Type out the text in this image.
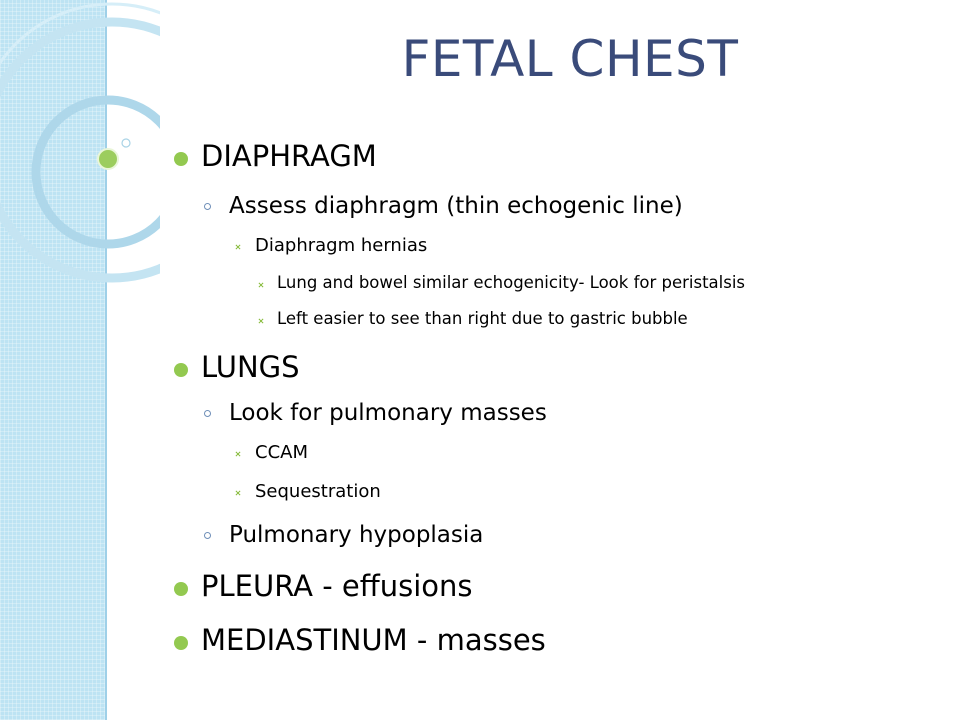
FETAL CHEST
DIAPHRAGM
Assess diaphragm (thin echogenic line)
Diaphragm hernias
Lung and bowel similar echogenicity- Look for peristalsis
Left easier to see than right due to gastric bubble
LUNGS
Look for pulmonary masses
CCAM
Sequestration
Pulmonary hypoplasia
PLEURA - effusions
MEDIASTINUM - masses
